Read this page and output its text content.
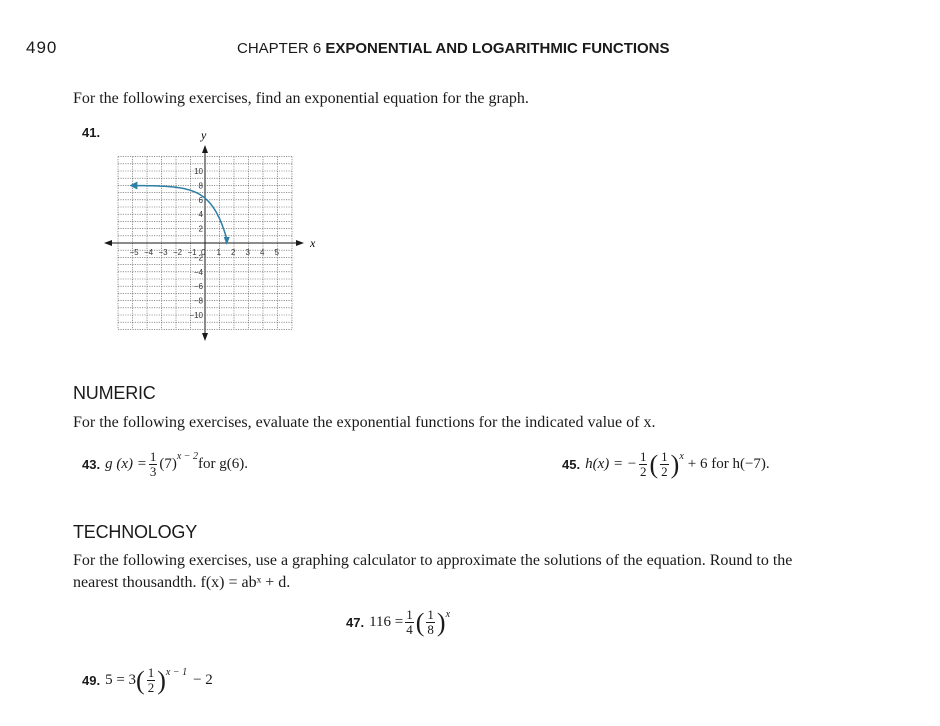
490	CHAPTER 6 EXPONENTIAL AND LOGARITHMIC FUNCTIONS
For the following exercises, find an exponential equation for the graph.
41.
x
y
−5 −4 −3 −2 −1 0 1 2 3 4 5
10
8
6
4
2
−2
−4
−6
−8
−10
NUMERIC
For the following exercises, evaluate the exponential functions for the indicated value of x.
43. g $(x) = \frac{1}{3} (7) x - 2$ for g(6).	45. h(x) = − $\frac{1}{2}$ ( $\frac{1}{2}$ ) x + 6 for h(−7).
TECHNOLOGY
For the following exercises, use a graphing calculator to approximate the solutions of the equation. Round to the
nearest thousandth. f(x) = abˣ + d.
47. $116 = \frac{1}{4}$ ( $\frac{1}{8}$ ) x
49. 5 = 3 ( $\frac{1}{2}$ ) x − 1 − 2
